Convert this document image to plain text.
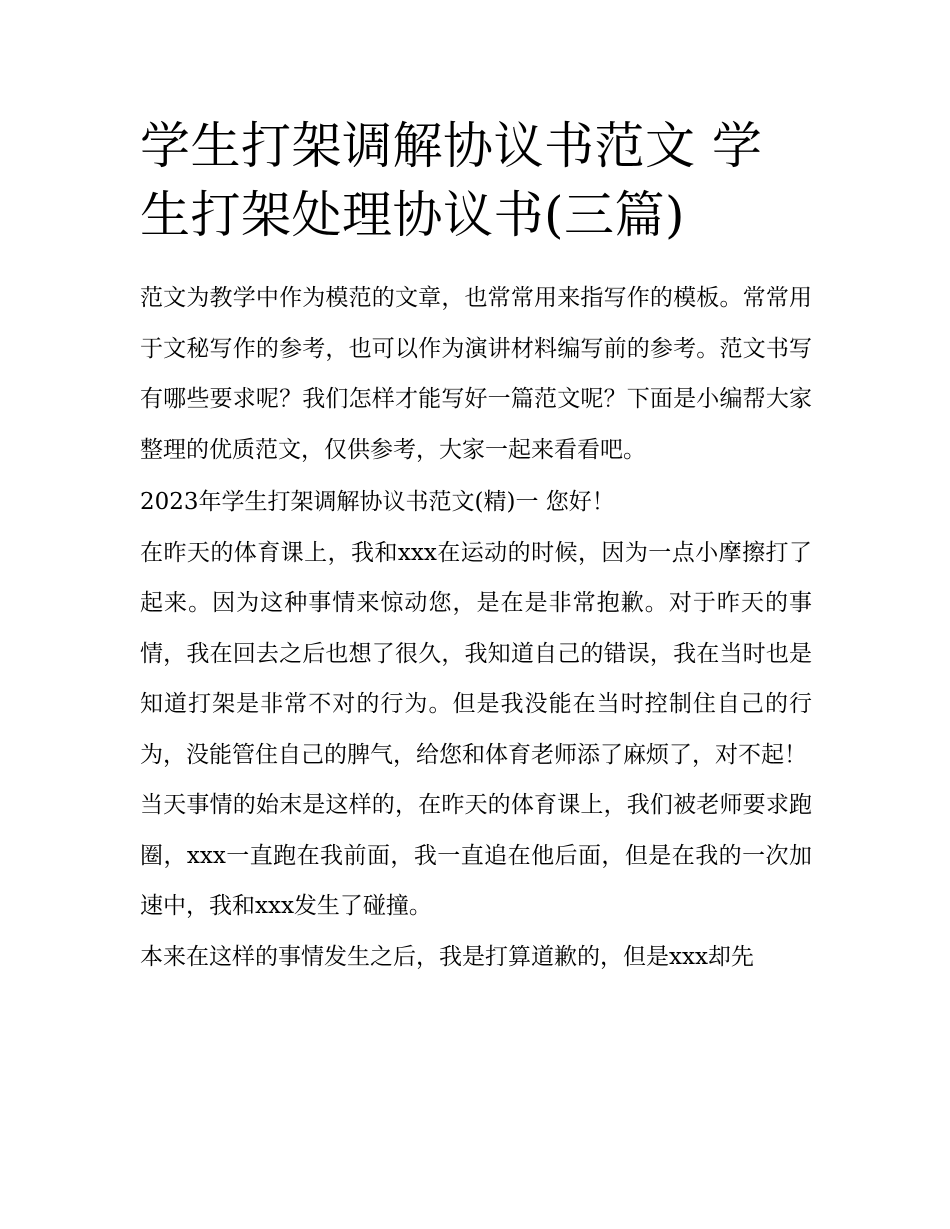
学生打架调解协议书范文 学生打架处理协议书(三篇)

范文为教学中作为模范的文章，也常常用来指写作的模板。常常用于文秘写作的参考，也可以作为演讲材料编写前的参考。范文书写有哪些要求呢？我们怎样才能写好一篇范文呢？下面是小编帮大家整理的优质范文，仅供参考，大家一起来看看吧。

2023年学生打架调解协议书范文(精)一 您好！

在昨天的体育课上，我和xxx在运动的时候，因为一点小摩擦打了起来。因为这种事情来惊动您，是在是非常抱歉。对于昨天的事情，我在回去之后也想了很久，我知道自己的错误，我在当时也是知道打架是非常不对的行为。但是我没能在当时控制住自己的行为，没能管住自己的脾气，给您和体育老师添了麻烦了，对不起！

当天事情的始末是这样的，在昨天的体育课上，我们被老师要求跑圈，xxx一直跑在我前面，我一直追在他后面，但是在我的一次加速中，我和xxx发生了碰撞。

本来在这样的事情发生之后，我是打算道歉的，但是xxx却先
